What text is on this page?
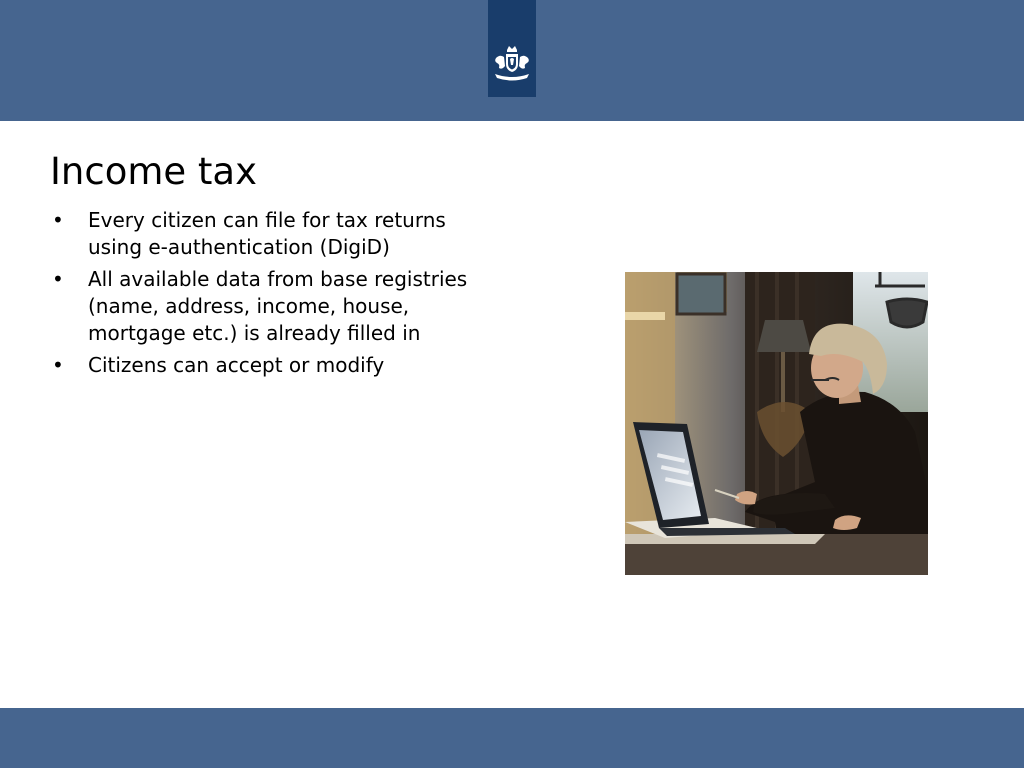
Income tax
• Every citizen can file for tax returns using e-authentication (DigiD)
• All available data from base registries (name, address, income, house, mortgage etc.) is already filled in
• Citizens can accept or modify
